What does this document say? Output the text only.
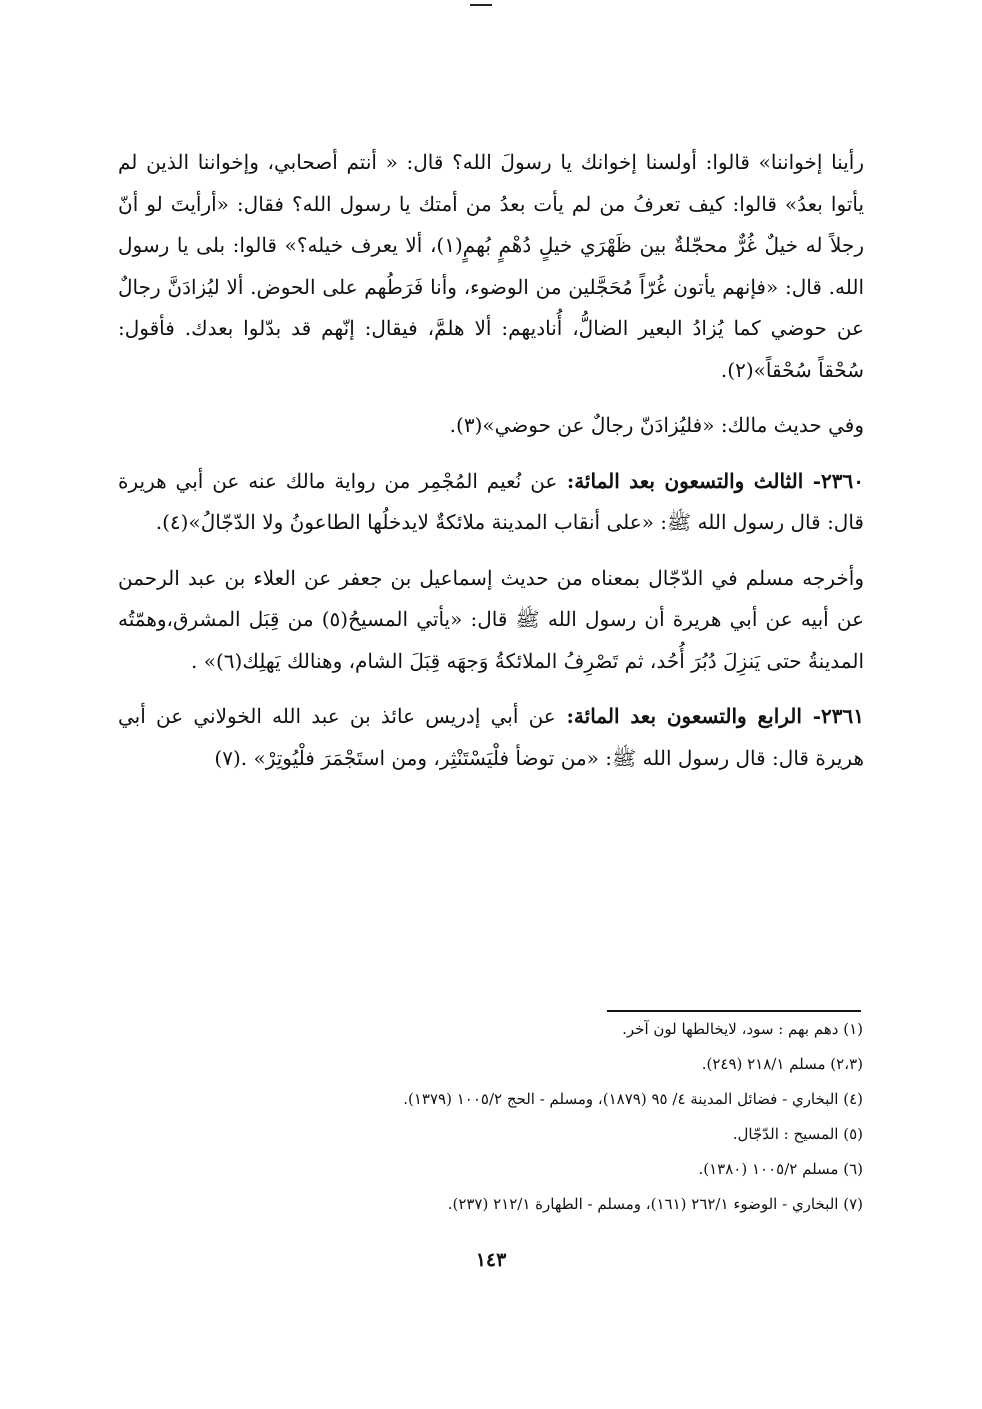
رأينا إخواننا» قالوا: أولسنا إخوانك يا رسولَ الله؟ قال: « أنتم أصحابي، وإخواننا الذين لم يأتوا بعدُ» قالوا: كيف تعرفُ من لم يأت بعدُ من أمتك يا رسول الله؟ فقال: «أرأيتَ لو أنّ رجلاً له خيلٌ غُرٌّ محجّلةٌ بين ظَهْرَي خيلٍ دُهْمٍ بُهمٍ(١)، ألا يعرف خيله؟» قالوا: بلى يا رسول الله. قال: «فإنهم يأتون غُرّاً مُحَجَّلين من الوضوء، وأنا فَرَطُهم على الحوض. ألا ليُزادَنَّ رجالٌ عن حوضي كما يُزادُ البعير الضالُّ، أُناديهم: ألا هلمَّ، فيقال: إنّهم قد بدّلوا بعدك. فأقول: سُحْقاً سُحْقاً»(٢).
وفي حديث مالك: «فليُزادَنّ رجالٌ عن حوضي»(٣).
٢٣٦٠- الثالث والتسعون بعد المائة: عن نُعيم المُجْمِر من رواية مالك عنه عن أبي هريرة قال: قال رسول الله ﷺ: «على أنقاب المدينة ملائكةٌ لايدخلُها الطاعونُ ولا الدّجّالُ»(٤).
وأخرجه مسلم في الدّجّال بمعناه من حديث إسماعيل بن جعفر عن العلاء بن عبد الرحمن عن أبيه عن أبي هريرة أن رسول الله ﷺ قال: «يأتي المسيحُ(٥) من قِبَل المشرق،وهمّتُه المدينةُ حتى يَنزِلَ دُبُرَ أُحُد، ثم تَصْرِفُ الملائكةُ وَجهَه قِبَلَ الشام، وهنالك يَهلِك(٦)» .
٢٣٦١- الرابع والتسعون بعد المائة: عن أبي إدريس عائذ بن عبد الله الخولاني عن أبي هريرة قال: قال رسول الله ﷺ: «من توضأ فلْيَسْتَنْثِر، ومن استَجْمَرَ فلْيُوتِرْ» .(٧)
(١) دهم بهم : سود، لايخالطها لون آخر.
(٢،٣) مسلم ٢١٨/١ (٢٤٩).
(٤) البخاري - فضائل المدينة ٤/ ٩٥ (١٨٧٩)، ومسلم - الحج ١٠٠٥/٢ (١٣٧٩).
(٥) المسيح : الدّجّال.
(٦) مسلم ١٠٠٥/٢ (١٣٨٠).
(٧) البخاري - الوضوء ٢٦٢/١ (١٦١)، ومسلم - الطهارة ٢١٢/١ (٢٣٧).
١٤٣
